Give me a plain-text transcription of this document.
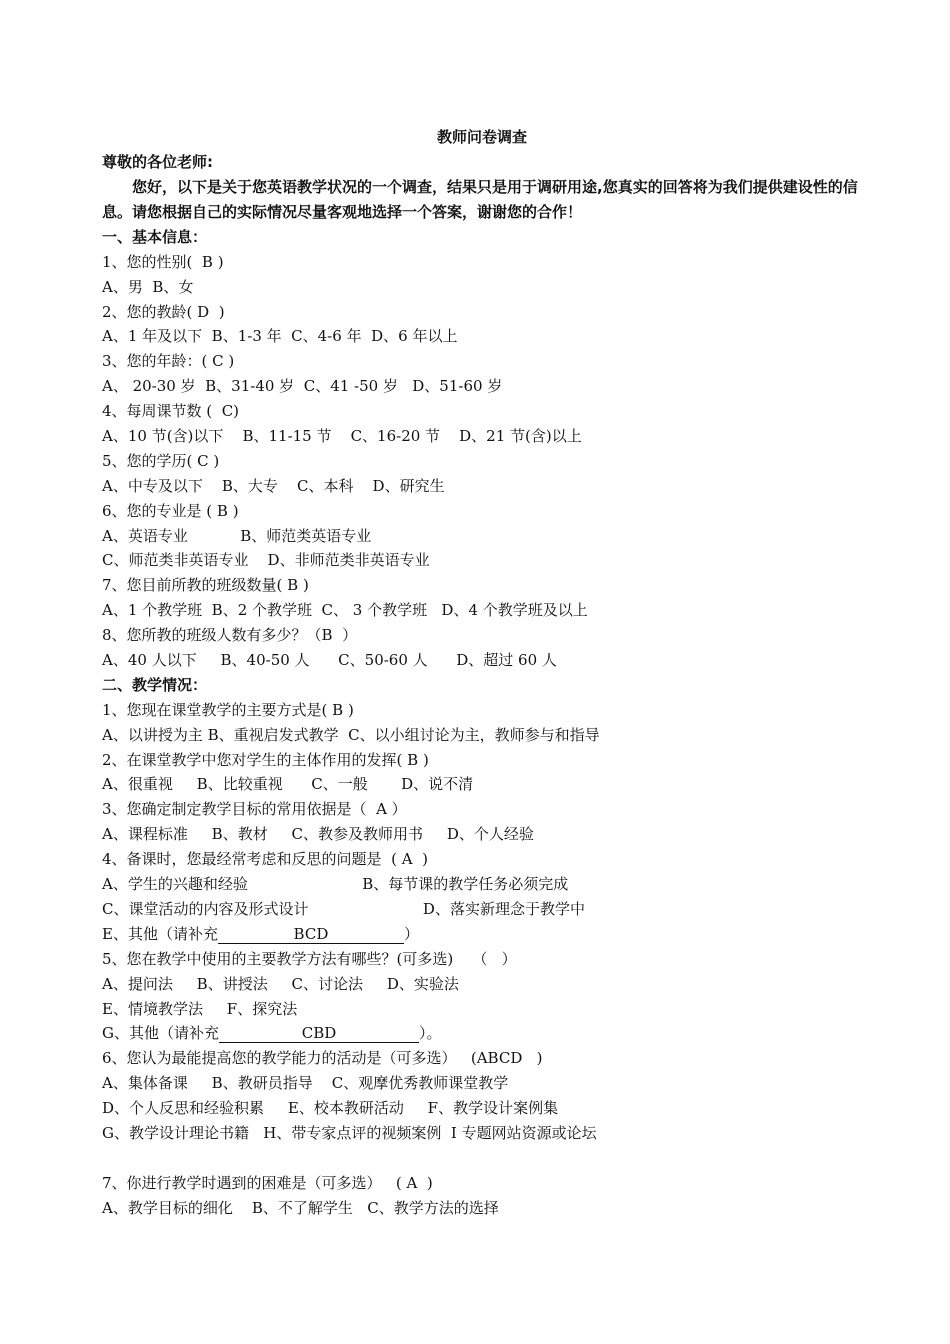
教师问卷调查
尊敬的各位老师:
您好，以下是关于您英语教学状况的一个调查，结果只是用于调研用途,您真实的回答将为我们提供建设性的信息。请您根据自己的实际情况尽量客观地选择一个答案，谢谢您的合作！
一、基本信息：
1、您的性别(  B )
A、男  B、女
2、您的教龄( D  )
A、1 年及以下  B、1-3 年  C、4-6 年  D、6 年以上
3、您的年龄：( C )
A、 20-30 岁  B、31-40 岁  C、41 -50 岁   D、51-60 岁
4、每周课节数 (  C)
A、10 节(含)以下    B、11-15 节    C、16-20 节    D、21 节(含)以上
5、您的学历( C )
A、中专及以下    B、大专    C、本科    D、研究生
6、您的专业是 ( B )
A、英语专业           B、师范类英语专业
C、师范类非英语专业    D、非师范类非英语专业
7、您目前所教的班级数量( B )
A、1 个教学班  B、2 个教学班  C、 3 个教学班   D、4 个教学班及以上
8、您所教的班级人数有多少？（B  ）
A、40 人以下     B、40-50 人      C、50-60 人      D、超过 60 人
二、教学情况：
1、您现在课堂教学的主要方式是( B )
A、以讲授为主 B、重视启发式教学  C、以小组讨论为主，教师参与和指导
2、在课堂教学中您对学生的主体作用的发挥( B )
A、很重视     B、比较重视      C、一般       D、说不清
3、您确定制定教学目标的常用依据是（  A ）
A、课程标准     B、教材     C、教参及教师用书     D、个人经验
4、备课时，您最经常考虑和反思的问题是  ( A  )
A、学生的兴趣和经验                        B、每节课的教学任务必须完成
C、课堂活动的内容及形式设计                        D、落实新理念于教学中
E、其他（请补充	BCD	）
5、您在教学中使用的主要教学方法有哪些？(可多选)    （   ）
A、提问法     B、讲授法     C、讨论法     D、实验法
E、情境教学法     F、探究法
G、其他（请补充	CBD	）。
6、您认为最能提高您的教学能力的活动是（可多选）   (ABCD   )
A、集体备课     B、教研员指导    C、观摩优秀教师课堂教学
D、个人反思和经验积累     E、校本教研活动     F、教学设计案例集
G、教学设计理论书籍   H、带专家点评的视频案例  I 专题网站资源或论坛
7、你进行教学时遇到的困难是（可多选）   ( A  )
A、教学目标的细化    B、不了解学生   C、教学方法的选择
